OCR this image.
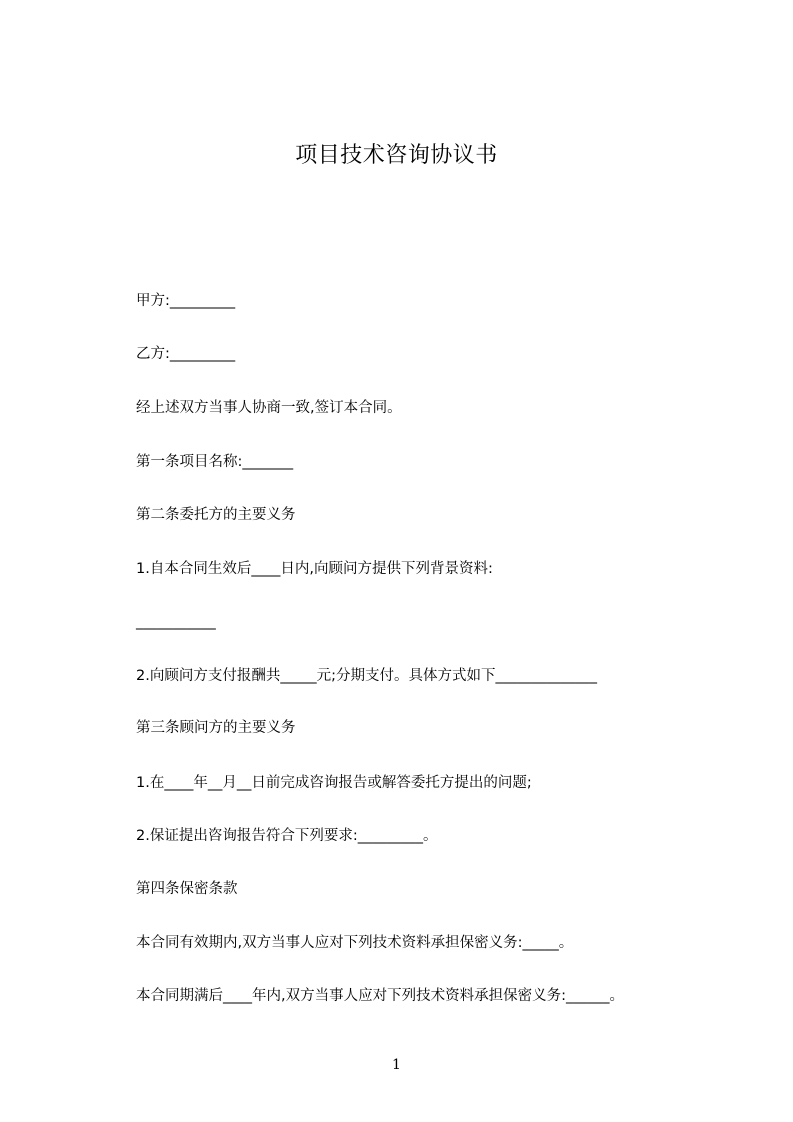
项目技术咨询协议书
甲方:_________
乙方:_________
经上述双方当事人协商一致,签订本合同。
第一条项目名称:_______
第二条委托方的主要义务
1.自本合同生效后____日内,向顾问方提供下列背景资料:
___________
2.向顾问方支付报酬共_____元;分期支付。具体方式如下______________
第三条顾问方的主要义务
1.在____年__月__日前完成咨询报告或解答委托方提出的问题;
2.保证提出咨询报告符合下列要求:_________。
第四条保密条款
本合同有效期内,双方当事人应对下列技术资料承担保密义务:_____。
本合同期满后____年内,双方当事人应对下列技术资料承担保密义务:______。
1
